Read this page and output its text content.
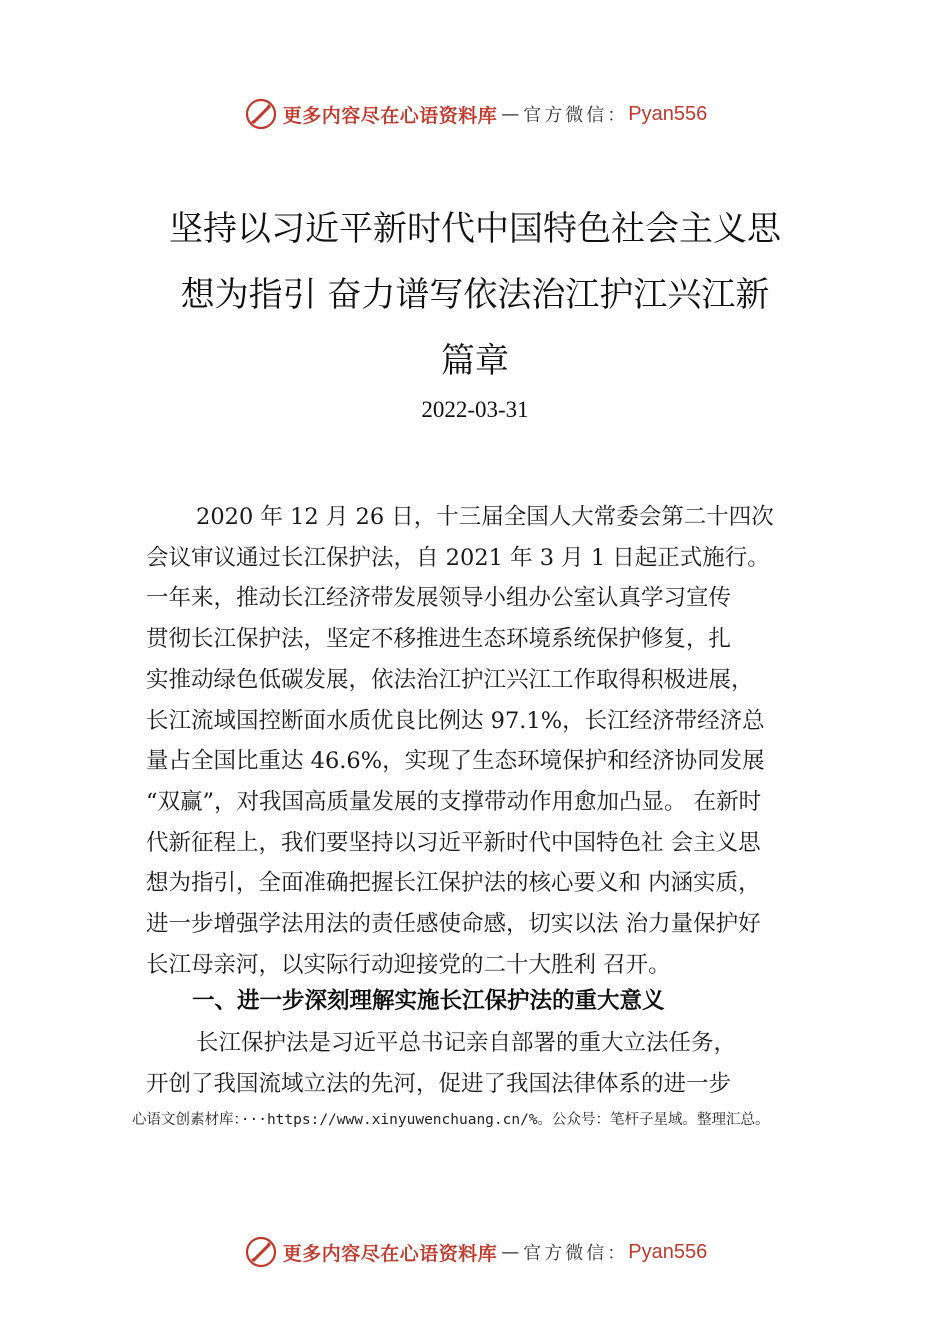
更多内容尽在心语资料库 — 官方微信： Pyan556
坚持以习近平新时代中国特色社会主义思
想为指引 奋力谱写依法治江护江兴江新
篇章
2022-03-31
2020 年 12 月 26 日，十三届全国人大常委会第二十四次
会议审议通过长江保护法，自 2021 年 3 月 1 日起正式施行。
一年来，推动长江经济带发展领导小组办公室认真学习宣传
贯彻长江保护法，坚定不移推进生态环境系统保护修复，扎
实推动绿色低碳发展，依法治江护江兴江工作取得积极进展，
长江流域国控断面水质优良比例达 97.1%，长江经济带经济总
量占全国比重达 46.6%，实现了生态环境保护和经济协同发展
“双赢”，对我国高质量发展的支撑带动作用愈加凸显。 在新时
代新征程上，我们要坚持以习近平新时代中国特色社 会主义思
想为指引，全面准确把握长江保护法的核心要义和 内涵实质，
进一步增强学法用法的责任感使命感，切实以法 治力量保护好
长江母亲河，以实际行动迎接党的二十大胜利 召开。
一、进一步深刻理解实施长江保护法的重大意义
长江保护法是习近平总书记亲自部署的重大立法任务，
开创了我国流域立法的先河，促进了我国法律体系的进一步
心语文创素材库：···https://www.xinyuwenchuang.cn/%。公众号：笔杆子星域。整理汇总。
更多内容尽在心语资料库 — 官方微信： Pyan556
